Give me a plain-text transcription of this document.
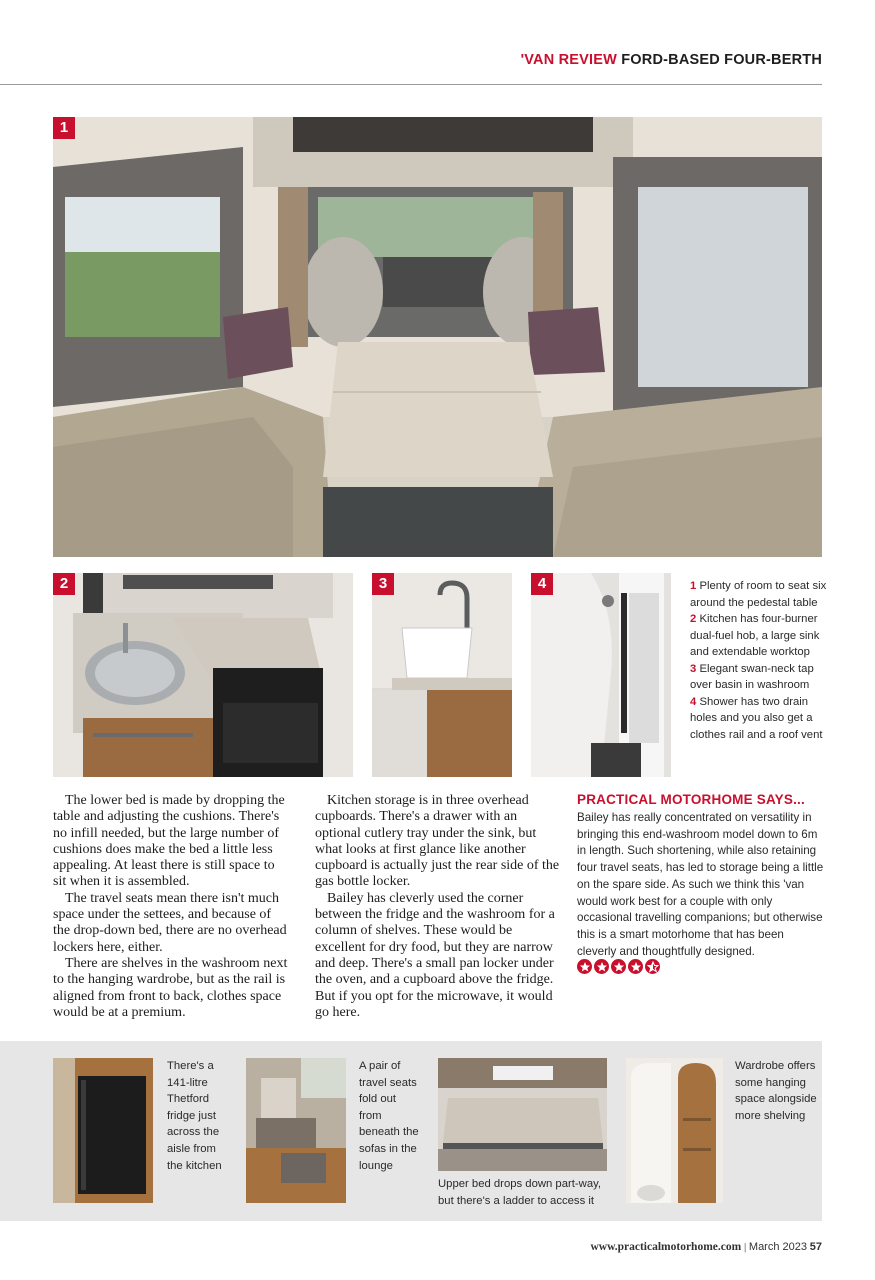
'VAN REVIEW FORD-BASED FOUR-BERTH
1
2	3	4	1 Plenty of room to seat six around the pedestal table
2 Kitchen has four-burner dual-fuel hob, a large sink and extendable worktop
3 Elegant swan-neck tap over basin in washroom
4 Shower has two drain holes and you also get a clothes rail and a roof vent

The lower bed is made by dropping the table and adjusting the cushions. There's no infill needed, but the large number of cushions does make the bed a little less appealing. At least there is still space to sit when it is assembled.

The travel seats mean there isn't much space under the settees, and because of the drop-down bed, there are no overhead lockers here, either.

There are shelves in the washroom next to the hanging wardrobe, but as the rail is aligned from front to back, clothes space would be at a premium.

Kitchen storage is in three overhead cupboards. There's a drawer with an optional cutlery tray under the sink, but what looks at first glance like another cupboard is actually just the rear side of the gas bottle locker.

Bailey has cleverly used the corner between the fridge and the washroom for a column of shelves. These would be excellent for dry food, but they are narrow and deep. There's a small pan locker under the oven, and a cupboard above the fridge. But if you opt for the microwave, it would go here.

PRACTICAL MOTORHOME SAYS...
Bailey has really concentrated on versatility in bringing this end-washroom model down to 6m in length. Such shortening, while also retaining four travel seats, has led to storage being a little on the spare side. As such we think this 'van would work best for a couple with only occasional travelling companions; but otherwise this is a smart motorhome that has been cleverly and thoughtfully designed.
There's a 141-litre Thetford fridge just across the aisle from the kitchen
A pair of travel seats fold out from beneath the sofas in the lounge
Upper bed drops down part-way, but there's a ladder to access it
Wardrobe offers some hanging space alongside more shelving
www.practicalmotorhome.com | March 2023 57
